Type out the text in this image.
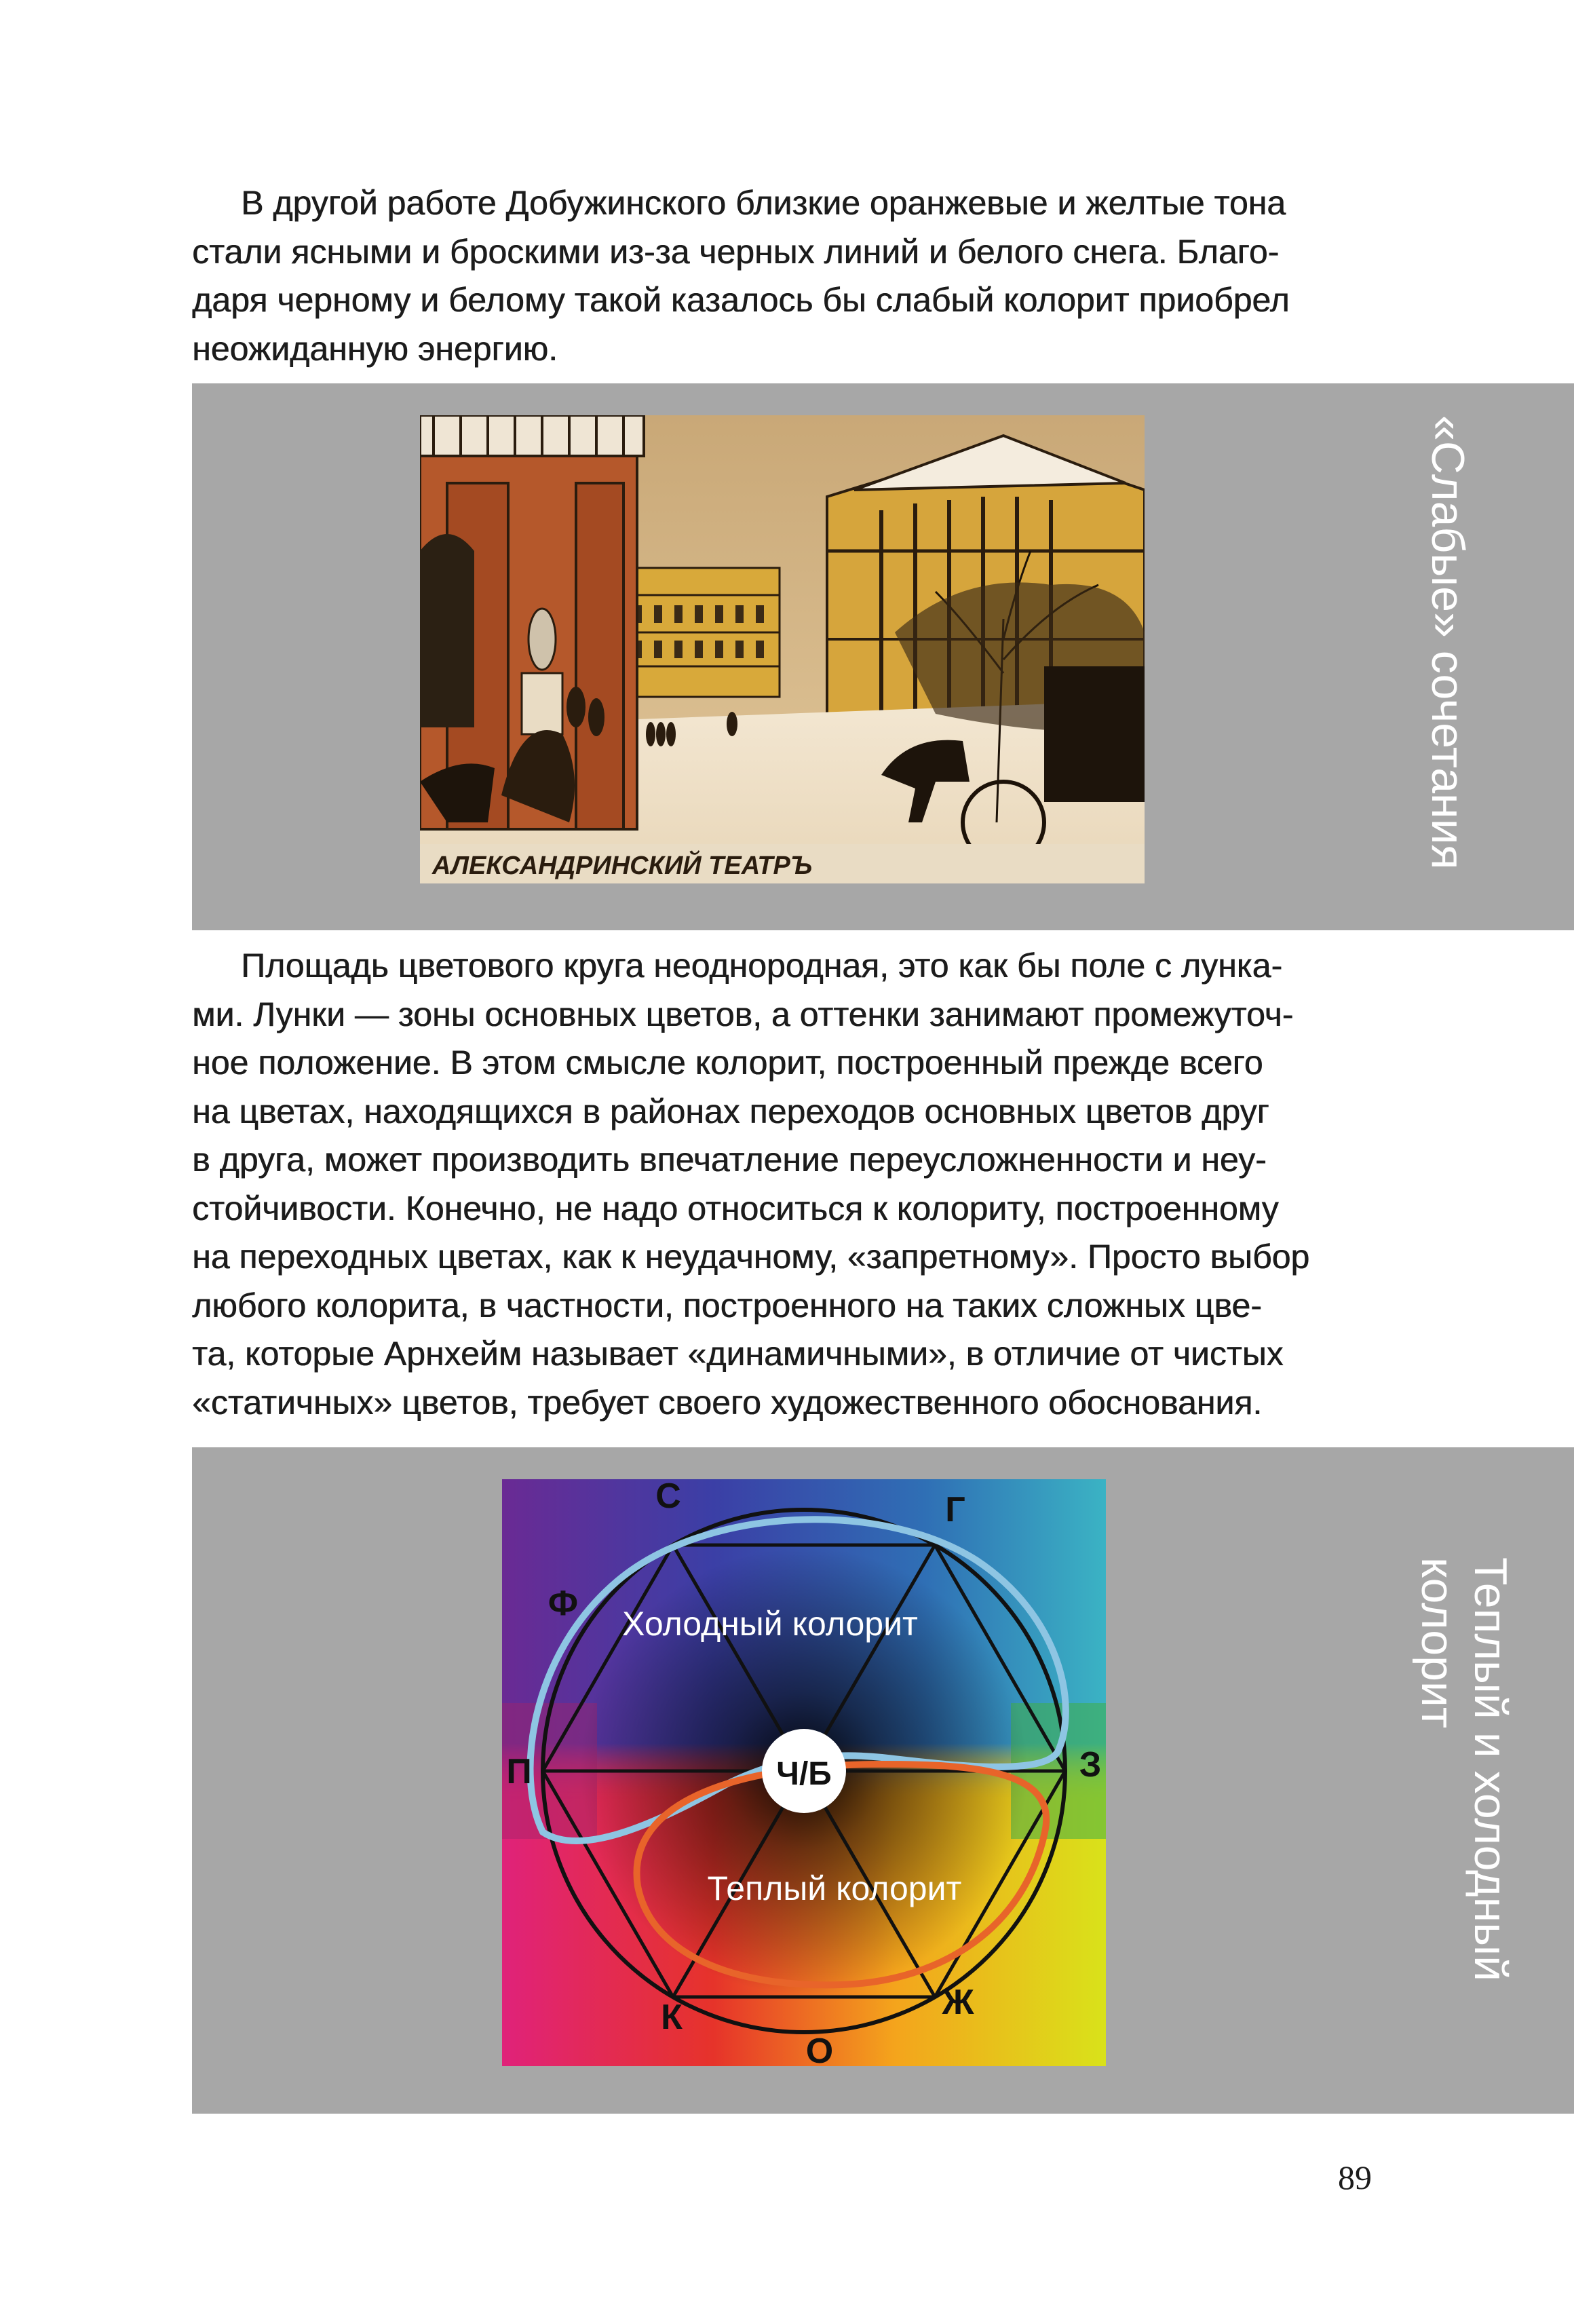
В другой работе Добужинского близкие оранжевые и желтые тона
стали ясными и броскими из-за черных линий и белого снега. Благо-
даря черному и белому такой казалось бы слабый колорит приобрел
неожиданную энергию.

«Слабые» сочетания
АЛЕКСАНДРИНСКИЙ ТЕАТРЪ

Площадь цветового круга неоднородная, это как бы поле с лунка-
ми. Лунки — зоны основных цветов, а оттенки занимают промежуточ-
ное положение. В этом смысле колорит, построенный прежде всего
на цветах, находящихся в районах переходов основных цветов друг
в друга, может производить впечатление переусложненности и неу-
стойчивости. Конечно, не надо относиться к колориту, построенному
на переходных цветах, как к неудачному, «запретному». Просто выбор
любого колорита, в частности, построенного на таких сложных цве-
та, которые Арнхейм называет «динамичными», в отличие от чистых
«статичных» цветов, требует своего художественного обоснования.

Теплый и холодный
колорит
Ч/Б
Холодный колорит
Теплый колорит
С	Г
Ф
П	З
К
О
Ж
89
